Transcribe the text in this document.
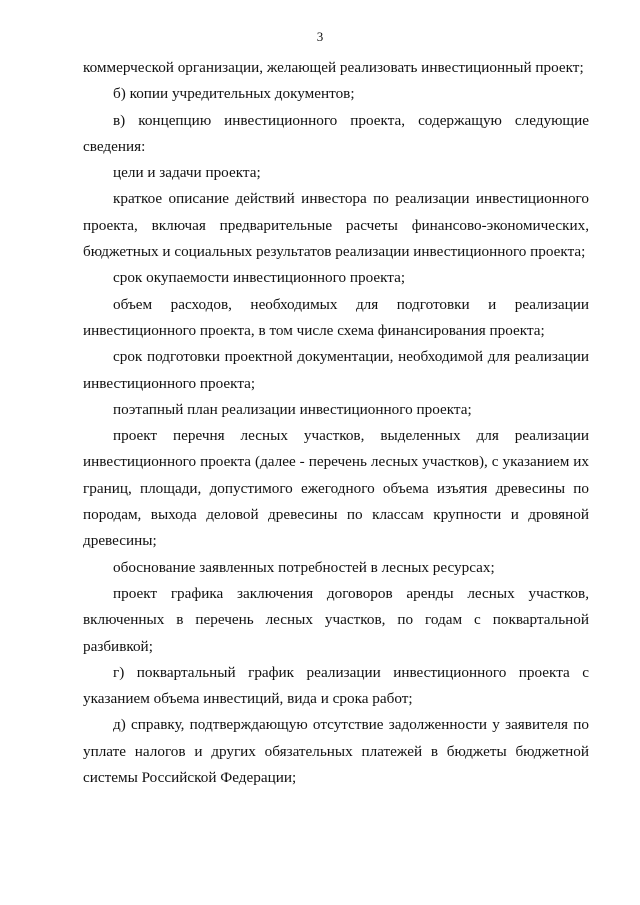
3

коммерческой организации, желающей реализовать инвестиционный проект;

б) копии учредительных документов;

в) концепцию инвестиционного проекта, содержащую следующие сведения:

цели и задачи проекта;

краткое описание действий инвестора по реализации инвестиционного проекта, включая предварительные расчеты финансово-экономических, бюджетных и социальных результатов реализации инвестиционного проекта;

срок окупаемости инвестиционного проекта;

объем расходов, необходимых для подготовки и реализации инвестиционного проекта, в том числе схема финансирования проекта;

срок подготовки проектной документации, необходимой для реализации инвестиционного проекта;

поэтапный план реализации инвестиционного проекта;

проект перечня лесных участков, выделенных для реализации инвестиционного проекта (далее - перечень лесных участков), с указанием их границ, площади, допустимого ежегодного объема изъятия древесины по породам, выхода деловой древесины по классам крупности и дровяной древесины;

обоснование заявленных потребностей в лесных ресурсах;

проект графика заключения договоров аренды лесных участков, включенных в перечень лесных участков, по годам с поквартальной разбивкой;

г) поквартальный график реализации инвестиционного проекта с указанием объема инвестиций, вида и срока работ;

д) справку, подтверждающую отсутствие задолженности у заявителя по уплате налогов и других обязательных платежей в бюджеты бюджетной системы Российской Федерации;
